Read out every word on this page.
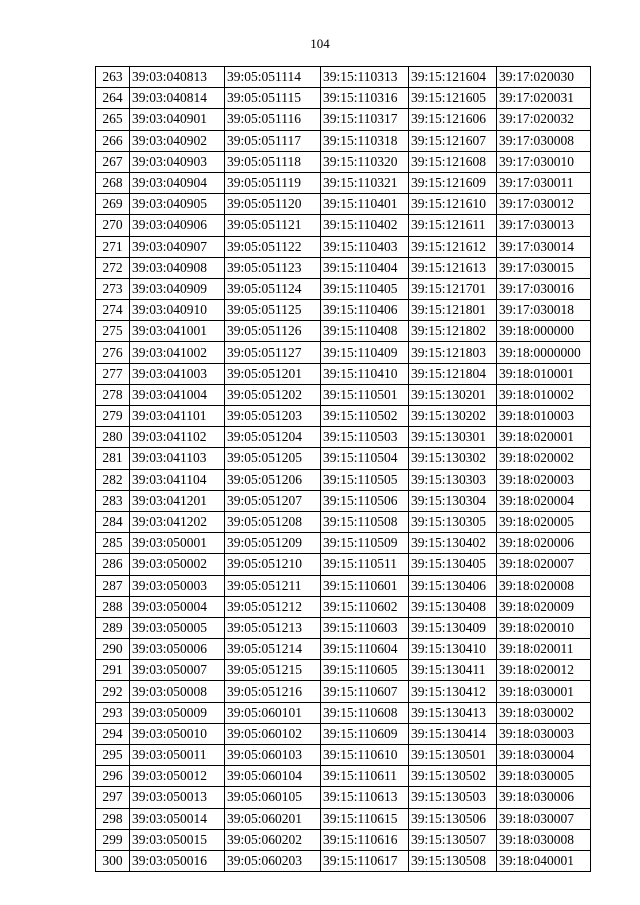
104
263	39:03:040813	39:05:051114	39:15:110313	39:15:121604	39:17:020030
264	39:03:040814	39:05:051115	39:15:110316	39:15:121605	39:17:020031
265	39:03:040901	39:05:051116	39:15:110317	39:15:121606	39:17:020032
266	39:03:040902	39:05:051117	39:15:110318	39:15:121607	39:17:030008
267	39:03:040903	39:05:051118	39:15:110320	39:15:121608	39:17:030010
268	39:03:040904	39:05:051119	39:15:110321	39:15:121609	39:17:030011
269	39:03:040905	39:05:051120	39:15:110401	39:15:121610	39:17:030012
270	39:03:040906	39:05:051121	39:15:110402	39:15:121611	39:17:030013
271	39:03:040907	39:05:051122	39:15:110403	39:15:121612	39:17:030014
272	39:03:040908	39:05:051123	39:15:110404	39:15:121613	39:17:030015
273	39:03:040909	39:05:051124	39:15:110405	39:15:121701	39:17:030016
274	39:03:040910	39:05:051125	39:15:110406	39:15:121801	39:17:030018
275	39:03:041001	39:05:051126	39:15:110408	39:15:121802	39:18:000000
276	39:03:041002	39:05:051127	39:15:110409	39:15:121803	39:18:0000000
277	39:03:041003	39:05:051201	39:15:110410	39:15:121804	39:18:010001
278	39:03:041004	39:05:051202	39:15:110501	39:15:130201	39:18:010002
279	39:03:041101	39:05:051203	39:15:110502	39:15:130202	39:18:010003
280	39:03:041102	39:05:051204	39:15:110503	39:15:130301	39:18:020001
281	39:03:041103	39:05:051205	39:15:110504	39:15:130302	39:18:020002
282	39:03:041104	39:05:051206	39:15:110505	39:15:130303	39:18:020003
283	39:03:041201	39:05:051207	39:15:110506	39:15:130304	39:18:020004
284	39:03:041202	39:05:051208	39:15:110508	39:15:130305	39:18:020005
285	39:03:050001	39:05:051209	39:15:110509	39:15:130402	39:18:020006
286	39:03:050002	39:05:051210	39:15:110511	39:15:130405	39:18:020007
287	39:03:050003	39:05:051211	39:15:110601	39:15:130406	39:18:020008
288	39:03:050004	39:05:051212	39:15:110602	39:15:130408	39:18:020009
289	39:03:050005	39:05:051213	39:15:110603	39:15:130409	39:18:020010
290	39:03:050006	39:05:051214	39:15:110604	39:15:130410	39:18:020011
291	39:03:050007	39:05:051215	39:15:110605	39:15:130411	39:18:020012
292	39:03:050008	39:05:051216	39:15:110607	39:15:130412	39:18:030001
293	39:03:050009	39:05:060101	39:15:110608	39:15:130413	39:18:030002
294	39:03:050010	39:05:060102	39:15:110609	39:15:130414	39:18:030003
295	39:03:050011	39:05:060103	39:15:110610	39:15:130501	39:18:030004
296	39:03:050012	39:05:060104	39:15:110611	39:15:130502	39:18:030005
297	39:03:050013	39:05:060105	39:15:110613	39:15:130503	39:18:030006
298	39:03:050014	39:05:060201	39:15:110615	39:15:130506	39:18:030007
299	39:03:050015	39:05:060202	39:15:110616	39:15:130507	39:18:030008
300	39:03:050016	39:05:060203	39:15:110617	39:15:130508	39:18:040001
